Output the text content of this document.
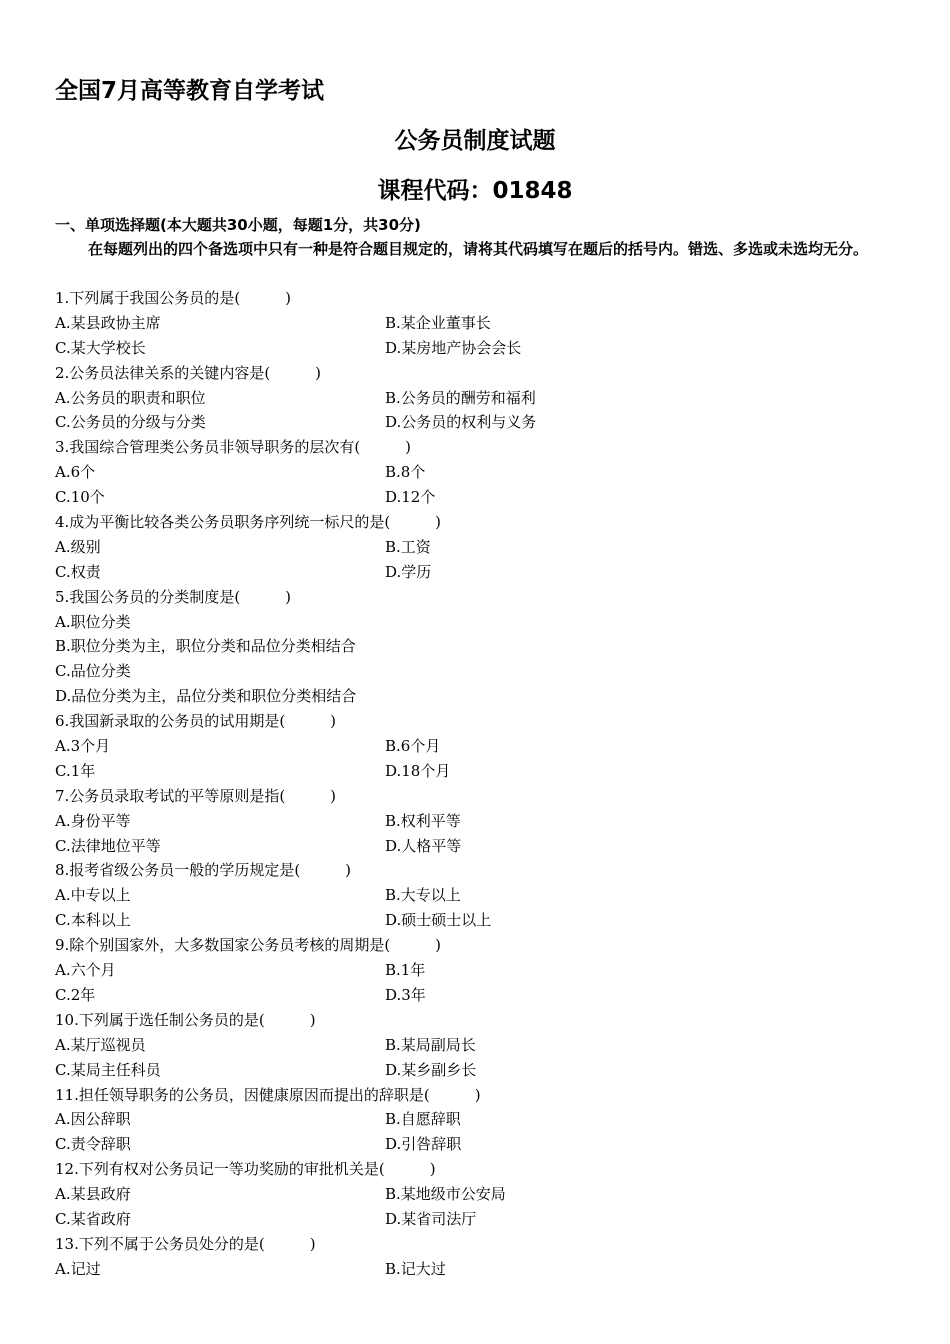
全国7月高等教育自学考试
公务员制度试题
课程代码：01848
一、单项选择题(本大题共30小题，每题1分，共30分)
在每题列出的四个备选项中只有一种是符合题目规定的，请将其代码填写在题后的括号内。错选、多选或未选均无分。
1.下列属于我国公务员的是(　　　)
A.某县政协主席	B.某企业董事长
C.某大学校长	D.某房地产协会会长
2.公务员法律关系的关键内容是(　　　)
A.公务员的职责和职位	B.公务员的酬劳和福利
C.公务员的分级与分类	D.公务员的权利与义务
3.我国综合管理类公务员非领导职务的层次有(　　　)
A.6个	B.8个
C.10个	D.12个
4.成为平衡比较各类公务员职务序列统一标尺的是(　　　)
A.级别	B.工资
C.权责	D.学历
5.我国公务员的分类制度是(　　　)
A.职位分类
B.职位分类为主，职位分类和品位分类相结合
C.品位分类
D.品位分类为主，品位分类和职位分类相结合
6.我国新录取的公务员的试用期是(　　　)
A.3个月	B.6个月
C.1年	D.18个月
7.公务员录取考试的平等原则是指(　　　)
A.身份平等	B.权利平等
C.法律地位平等	D.人格平等
8.报考省级公务员一般的学历规定是(　　　)
A.中专以上	B.大专以上
C.本科以上	D.硕士硕士以上
9.除个别国家外，大多数国家公务员考核的周期是(　　　)
A.六个月	B.1年
C.2年	D.3年
10.下列属于选任制公务员的是(　　　)
A.某厅巡视员	B.某局副局长
C.某局主任科员	D.某乡副乡长
11.担任领导职务的公务员，因健康原因而提出的辞职是(　　　)
A.因公辞职	B.自愿辞职
C.责令辞职	D.引咎辞职
12.下列有权对公务员记一等功奖励的审批机关是(　　　)
A.某县政府	B.某地级市公安局
C.某省政府	D.某省司法厅
13.下列不属于公务员处分的是(　　　)
A.记过	B.记大过
